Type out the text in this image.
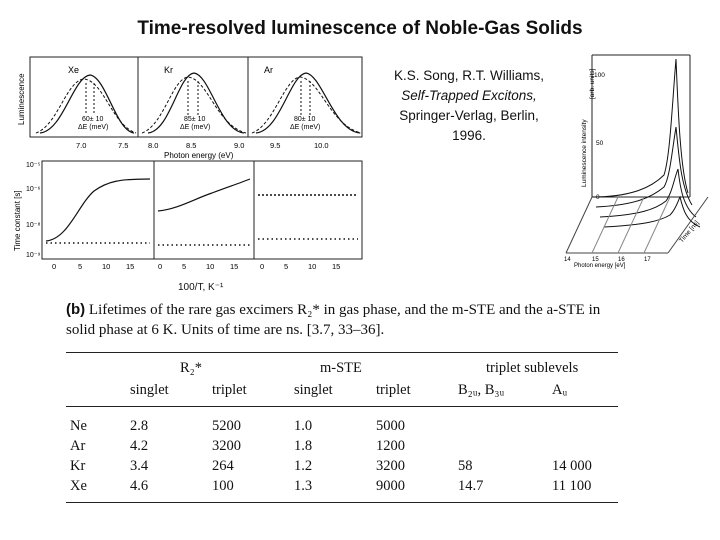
Time-resolved luminescence of Noble-Gas Solids
Luminescence
Xe	Kr	Ar
60± 10
ΔE (meV)
85± 10
ΔE (meV)
80± 10
ΔE (meV)
7.0	7.5	8.0	8.5	9.0	9.5	10.0
Photon energy (eV)
Time constant [s]
10⁻⁵
10⁻⁶
10⁻⁸
10⁻⁹
0	5	10 15	0	5	10 15	0	5	10 15
100/T, K⁻¹
K.S. Song, R.T. Williams,
Self-Trapped Excitons,
Springer-Verlag, Berlin,
1996.	Luminescence intensity
[arb. units]
100
50
0
Time [ns]
14	15	16	17
Photon energy [eV]
(b) Lifetimes of the rare gas excimers R₂* in gas phase, and the m-STE and the a-STE in solid phase at 6 K. Units of time are ns. [3.7, 33–36].
R₂*	m-STE	triplet sublevels
singlet	triplet	singlet	triplet	B₂ᵤ, B₃ᵤ	Aᵤ
Ne	2.8	5200	1.0	5000
Ar	4.2	3200	1.8	1200
Kr	3.4	264	1.2	3200	58	14 000
Xe	4.6	100	1.3	9000	14.7	11 100
